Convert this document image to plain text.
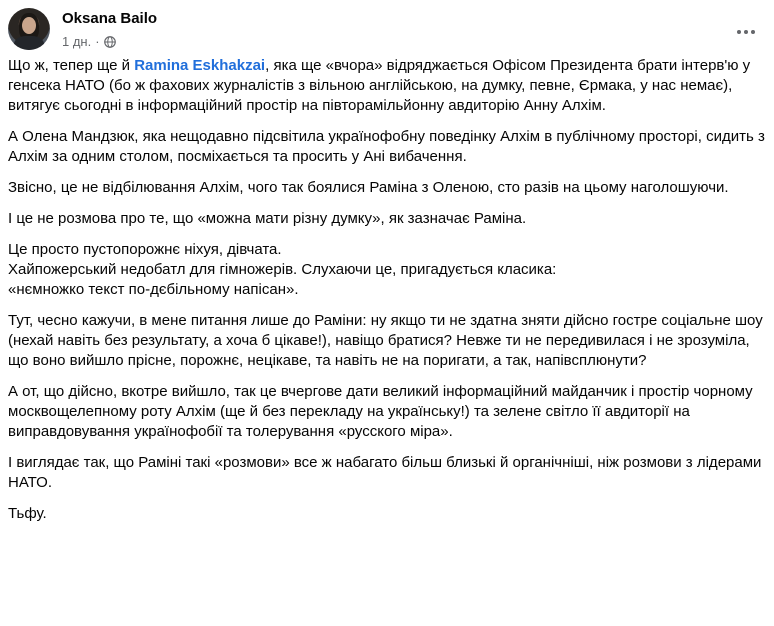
Oksana Bailo
1 дн. ·

Що ж, тепер ще й Ramina Eskhakzai, яка ще «вчора» відряджається Офісом Президента брати інтерв'ю у генсека НАТО (бо ж фахових журналістів з вільною англійською, на думку, певне, Єрмака, у нас немає), витягує сьогодні в інформаційний простір на півторамільйонну авдиторію Анну Алхім.

А Олена Мандзюк, яка нещодавно підсвітила українофобну поведінку Алхім в публічному просторі, сидить з Алхім за одним столом, посміхається та просить у Ані вибачення.

Звісно, це не відбілювання Алхім, чого так боялися Раміна з Оленою, сто разів на цьому наголошуючи.

І це не розмова про те, що «можна мати різну думку», як зазначає Раміна.

Це просто пустопорожнє ніхуя, дівчата.
Хайпожерський недобатл для гімножерів. Слухаючи це, пригадується класика:
«нємножко текст по-дєбільному напісан».

Тут, чесно кажучи, в мене питання лише до Раміни: ну якщо ти не здатна зняти дійсно гостре соціальне шоу (нехай навіть без результату, а хоча б цікаве!), навіщо братися? Невже ти не передивилася і не зрозуміла, що воно вийшло прісне, порожнє, нецікаве, та навіть не на поригати, а так, напівсплюнути?

А от, що дійсно, вкотре вийшло, так це вчергове дати великий інформаційний майданчик і простір чорному москвощелепному роту Алхім (ще й без перекладу на українську!) та зелене світло її авдиторії на виправдовування українофобії та толерування «русского міра».

І виглядає так, що Раміні такі «розмови» все ж набагато більш близькі й органічніші, ніж розмови з лідерами НАТО.

Тьфу.
